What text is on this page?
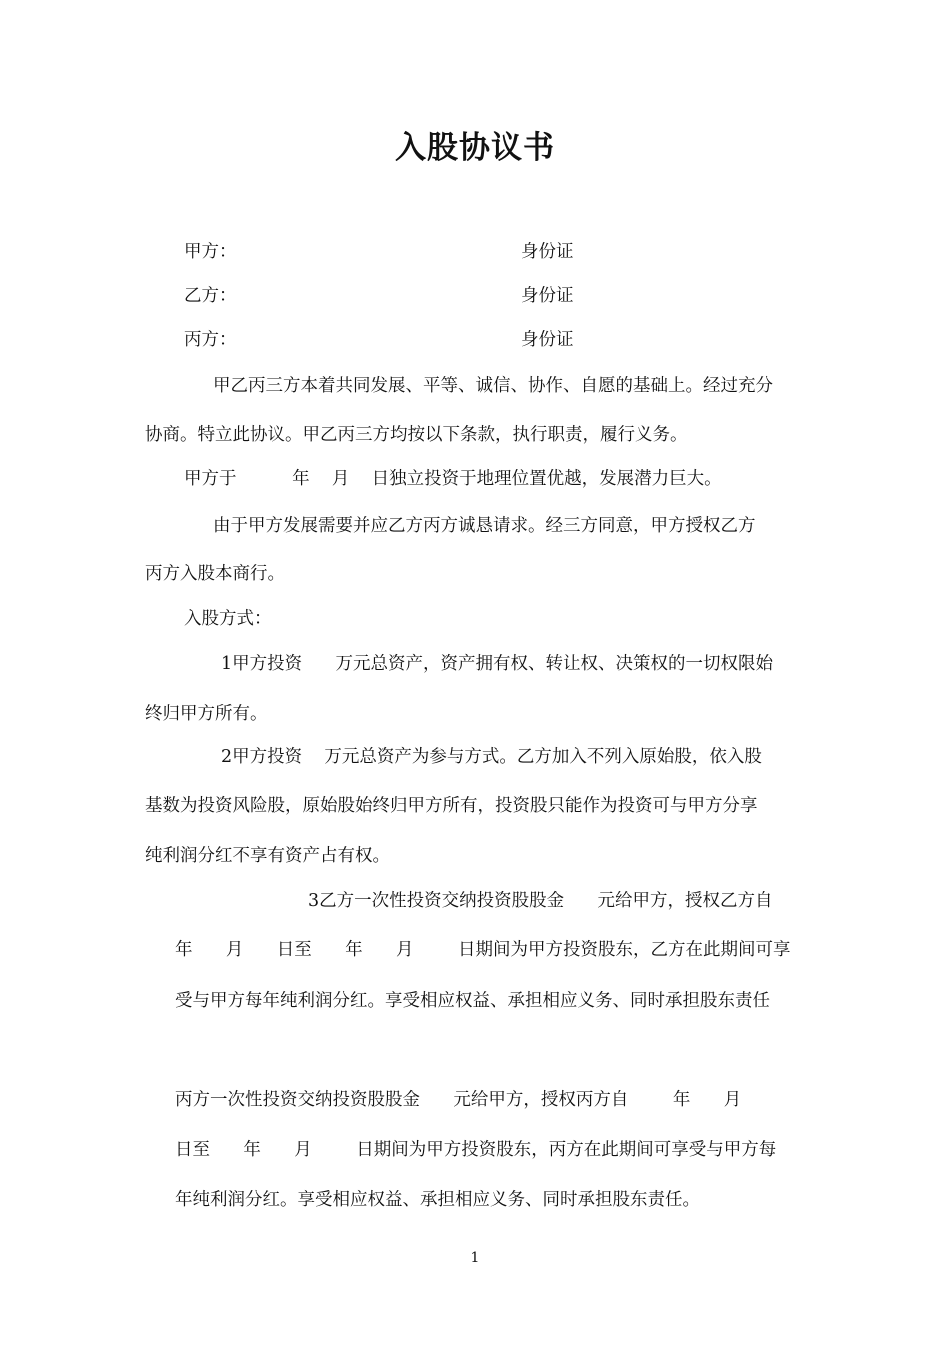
入股协议书
甲方：	身份证
乙方：	身份证
丙方：	身份证
甲乙丙三方本着共同发展、平等、诚信、协作、自愿的基础上。经过充分
协商。特立此协议。甲乙丙三方均按以下条款，执行职责，履行义务。
甲方于          年    月    日独立投资于地理位置优越，发展潜力巨大。
由于甲方发展需要并应乙方丙方诚恳请求。经三方同意，甲方授权乙方
丙方入股本商行。
入股方式：
1甲方投资      万元总资产，资产拥有权、转让权、决策权的一切权限始
终归甲方所有。
2甲方投资    万元总资产为参与方式。乙方加入不列入原始股，依入股
基数为投资风险股，原始股始终归甲方所有，投资股只能作为投资可与甲方分享
纯利润分红不享有资产占有权。
3乙方一次性投资交纳投资股股金      元给甲方，授权乙方自
年      月      日至      年      月        日期间为甲方投资股东，乙方在此期间可享
受与甲方每年纯利润分红。享受相应权益、承担相应义务、同时承担股东责任
丙方一次性投资交纳投资股股金      元给甲方，授权丙方自        年      月
日至      年      月        日期间为甲方投资股东，丙方在此期间可享受与甲方每
年纯利润分红。享受相应权益、承担相应义务、同时承担股东责任。
1
